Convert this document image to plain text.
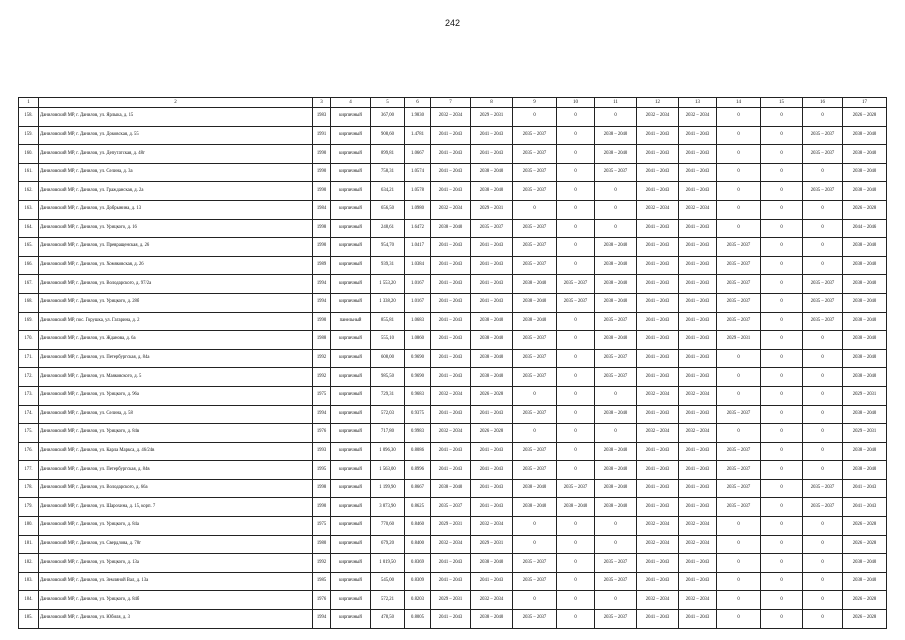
242
1	2	3	4	5	6	7	8	9	10	11	12	13	14	15	16	17
158.	Даниловский МР, г. Данилов, ул. Ярлыка, д. 15	1983	кирпичный	367,00	1.9830	2032 – 2034	2029 – 2031	0	0	0	2032 – 2034	2032 – 2034	0	0	0	2026 – 2028
159.	Даниловский МР, г. Данилов, ул. Доковская, д. 55	1991	кирпичный	908,60	1.4781	2041 – 2043	2041 – 2043	2035 – 2037	0	2038 – 2040	2041 – 2043	2041 – 2043	0	0	2035 – 2037	2038 – 2040
160.	Даниловский МР, г. Данилов, ул. Депутатская, д. 48г	1990	кирпичный	899,81	1.0667	2041 – 2043	2041 – 2043	2035 – 2037	0	2038 – 2040	2041 – 2043	2041 – 2043	0	0	2035 – 2037	2038 – 2040
161.	Даниловский МР, г. Данилов, ул. Селина, д. 3а	1990	кирпичный	758,31	1.0574	2041 – 2043	2038 – 2040	2035 – 2037	0	2035 – 2037	2041 – 2043	2041 – 2043	0	0	0	2038 – 2040
162.	Даниловский МР, г. Данилов, ул. Гражданская, д. 2а	1990	кирпичный	634,21	1.0578	2041 – 2043	2038 – 2040	2035 – 2037	0	0	2041 – 2043	2041 – 2043	0	0	2035 – 2037	2038 – 2040
163.	Даниловский МР, г. Данилов, ул. Добрынина, д. 13	1984	кирпичный	656,50	1.0980	2032 – 2034	2029 – 2031	0	0	0	2032 – 2034	2032 – 2034	0	0	0	2026 – 2028
164.	Даниловский МР, г. Данилов, ул. Урицкого, д. 16	1998	кирпичный	248,61	1.6472	2038 – 2040	2035 – 2037	2035 – 2037	0	0	2041 – 2043	2041 – 2043	0	0	0	2044 – 2046
165.	Даниловский МР, г. Данилов, ул. Превращенская, д. 26	1990	кирпичный	954,70	1.0417	2041 – 2043	2041 – 2043	2035 – 2037	0	2038 – 2040	2041 – 2043	2041 – 2043	2035 – 2037	0	0	2038 – 2040
166.	Даниловский МР, г. Данилов, ул. Хомяковская, д. 26	1989	кирпичный	939,31	1.0384	2041 – 2043	2041 – 2043	2035 – 2037	0	2038 – 2040	2041 – 2043	2041 – 2043	2035 – 2037	0	0	2038 – 2040
167.	Даниловский МР, г. Данилов, ул. Володарского, д. 97/2а	1994	кирпичный	1 553,20	1.0167	2041 – 2043	2041 – 2043	2038 – 2040	2035 – 2037	2038 – 2040	2041 – 2043	2041 – 2043	2035 – 2037	0	2035 – 2037	2038 – 2040
168.	Даниловский МР, г. Данилов, ул. Урицкого, д. 28б	1994	кирпичный	1 338,20	1.0167	2041 – 2043	2041 – 2043	2038 – 2040	2035 – 2037	2038 – 2040	2041 – 2043	2041 – 2043	2035 – 2037	0	2035 – 2037	2038 – 2040
169.	Даниловский МР, пос. Горушка, ул. Гагарина, д. 2	1990	панельный	855,81	1.0683	2041 – 2043	2038 – 2040	2038 – 2040	0	2035 – 2037	2041 – 2043	2041 – 2043	2035 – 2037	0	2035 – 2037	2038 – 2040
170.	Даниловский МР, г. Данилов, ул. Жданова, д. 6а	1988	кирпичный	555,10	1.0860	2041 – 2043	2038 – 2040	2035 – 2037	0	2038 – 2040	2041 – 2043	2041 – 2043	2029 – 2031	0	0	2038 – 2040
171.	Даниловский МР, г. Данилов, ул. Петербургская, д. 84а	1992	кирпичный	608,00	0.9690	2041 – 2043	2038 – 2040	2035 – 2037	0	2035 – 2037	2041 – 2043	2041 – 2043	0	0	0	2038 – 2040
172.	Даниловский МР, г. Данилов, ул. Маяковского, д. 5	1992	кирпичный	985,50	0.9690	2041 – 2043	2038 – 2040	2035 – 2037	0	2035 – 2037	2041 – 2043	2041 – 2043	0	0	0	2038 – 2040
173.	Даниловский МР, г. Данилов, ул. Урицкого, д. 96а	1975	кирпичный	729,31	0.9683	2032 – 2034	2026 – 2028	0	0	0	2032 – 2034	2032 – 2034	0	0	0	2029 – 2031
174.	Даниловский МР, г. Данилов, ул. Селина, д. 58	1994	кирпичный	572,03	0.9375	2041 – 2043	2041 – 2043	2035 – 2037	0	2038 – 2040	2041 – 2043	2041 – 2043	2035 – 2037	0	0	2038 – 2040
175.	Даниловский МР, г. Данилов, ул. Урицкого, д. 84в	1976	кирпичный	717,80	0.9983	2032 – 2034	2026 – 2028	0	0	0	2032 – 2034	2032 – 2034	0	0	0	2029 – 2031
176.	Даниловский МР, г. Данилов, ул. Карла Маркса, д. 46/24в	1993	кирпичный	1 096,30	0.8086	2041 – 2043	2041 – 2043	2035 – 2037	0	2038 – 2040	2041 – 2043	2041 – 2043	2035 – 2037	0	0	2038 – 2040
177.	Даниловский МР, г. Данилов, ул. Петербургская, д. 84в	1995	кирпичный	1 563,00	0.8996	2041 – 2043	2041 – 2043	2035 – 2037	0	2038 – 2040	2041 – 2043	2041 – 2043	2035 – 2037	0	0	2038 – 2040
178.	Даниловский МР, г. Данилов, ул. Володарского, д. 66а	1998	кирпичный	1 199,90	0.8667	2038 – 2040	2041 – 2043	2038 – 2040	2035 – 2037	2038 – 2040	2041 – 2043	2041 – 2043	2035 – 2037	0	2035 – 2037	2041 – 2043
179.	Даниловский МР, г. Данилов, ул. Шарохина, д. 15, корп. 7	1990	кирпичный	3 873,90	0.8625	2035 – 2037	2041 – 2043	2038 – 2040	2038 – 2040	2038 – 2040	2041 – 2043	2041 – 2043	2035 – 2037	0	2035 – 2037	2041 – 2043
180.	Даниловский МР, г. Данилов, ул. Урицкого, д. 84а	1975	кирпичный	770,60	0.8460	2029 – 2031	2032 – 2034	0	0	0	2032 – 2034	2032 – 2034	0	0	0	2026 – 2028
181.	Даниловский МР, г. Данилов, ул. Свердлова, д. 78г	1980	кирпичный	679,20	0.8400	2032 – 2034	2029 – 2031	0	0	0	2032 – 2034	2032 – 2034	0	0	0	2026 – 2028
182.	Даниловский МР, г. Данилов, ул. Урицкого, д. 13а	1992	кирпичный	1 019,50	0.8369	2041 – 2043	2038 – 2040	2035 – 2037	0	2035 – 2037	2041 – 2043	2041 – 2043	0	0	0	2038 – 2040
183.	Даниловский МР, г. Данилов, ул. Земляной Вал, д. 13а	1985	кирпичный	545,00	0.8309	2041 – 2043	2041 – 2043	2035 – 2037	0	2035 – 2037	2041 – 2043	2041 – 2043	0	0	0	2038 – 2040
184.	Даниловский МР, г. Данилов, ул. Урицкого, д. 84б	1976	кирпичный	572,21	0.8203	2029 – 2031	2032 – 2034	0	0	0	2032 – 2034	2032 – 2034	0	0	0	2026 – 2028
185.	Даниловский МР, г. Данилов, ул. Юбиля, д. 3	1994	кирпичный	478,50	0.8005	2041 – 2043	2038 – 2040	2035 – 2037	0	2035 – 2037	2041 – 2043	2041 – 2043	0	0	0	2026 – 2028
